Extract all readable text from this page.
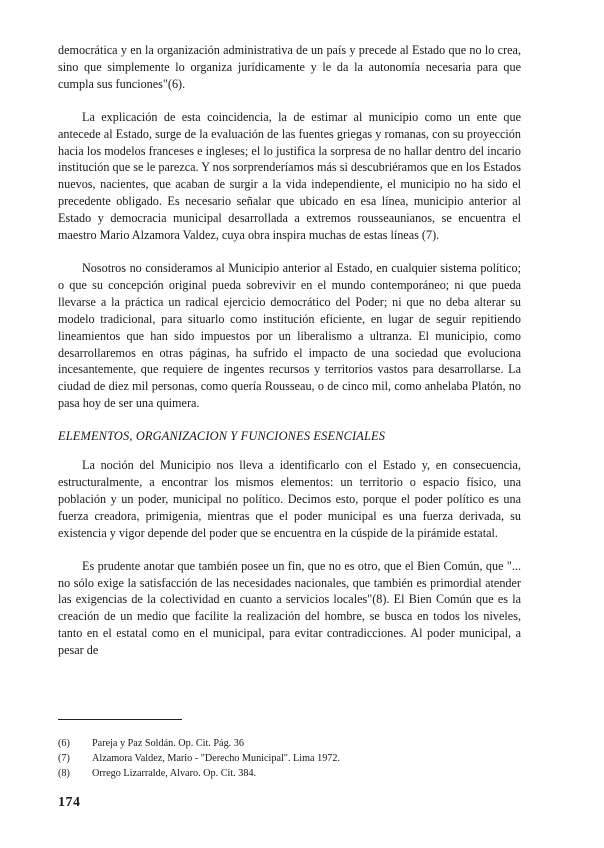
democrática y en la organización administrativa de un país y precede al Estado que no lo crea, sino que simplemente lo organiza jurídicamente y le da la autonomía necesaria para que cumpla sus funciones"(6).

La explicación de esta coincidencia, la de estimar al municipio como un ente que antecede al Estado, surge de la evaluación de las fuentes griegas y romanas, con su proyección hacia los modelos franceses e ingleses; el lo justifica la sorpresa de no hallar dentro del incario institución que se le parezca. Y nos sorprenderíamos más si descubriéramos que en los Estados nuevos, nacientes, que acaban de surgir a la vida independiente, el municipio no ha sido el precedente obligado. Es necesario señalar que ubicado en esa línea, municipio anterior al Estado y democracia municipal desarrollada a extremos rousseaunianos, se encuentra el maestro Mario Alzamora Valdez, cuya obra inspira muchas de estas líneas (7).

Nosotros no consideramos al Municipio anterior al Estado, en cualquier sistema político; o que su concepción original pueda sobrevivir en el mundo contemporáneo; ni que pueda llevarse a la práctica un radical ejercicio democrático del Poder; ni que no deba alterar su modelo tradicional, para situarlo como institución eficiente, en lugar de seguir repitiendo lineamientos que han sido impuestos por un liberalismo a ultranza. El municipio, como desarrollaremos en otras páginas, ha sufrido el impacto de una sociedad que evoluciona incesantemente, que requiere de ingentes recursos y territorios vastos para desarrollarse. La ciudad de diez mil personas, como quería Rousseau, o de cinco mil, como anhelaba Platón, no pasa hoy de ser una quimera.

ELEMENTOS, ORGANIZACION Y FUNCIONES ESENCIALES

La noción del Municipio nos lleva a identificarlo con el Estado y, en consecuencia, estructuralmente, a encontrar los mismos elementos: un territorio o espacio físico, una población y un poder, municipal no político. Decimos esto, porque el poder político es una fuerza creadora, primigenia, mientras que el poder municipal es una fuerza derivada, su existencia y vigor depende del poder que se encuentra en la cúspide de la pirámide estatal.

Es prudente anotar que también posee un fin, que no es otro, que el Bien Común, que "... no sólo exige la satisfacción de las necesidades nacionales, que también es primordial atender las exigencias de la colectividad en cuanto a servicios locales"(8). El Bien Común que es la creación de un medio que facilite la realización del hombre, se busca en todos los niveles, tanto en el estatal como en el municipal, para evitar contradicciones. Al poder municipal, a pesar de

(6)	Pareja y Paz Soldán. Op. Cit. Pág. 36
(7)	Alzamora Valdez, Mario - "Derecho Municipal". Lima 1972.
(8)	Orrego Lizarralde, Alvaro. Op. Cit. 384.
174
